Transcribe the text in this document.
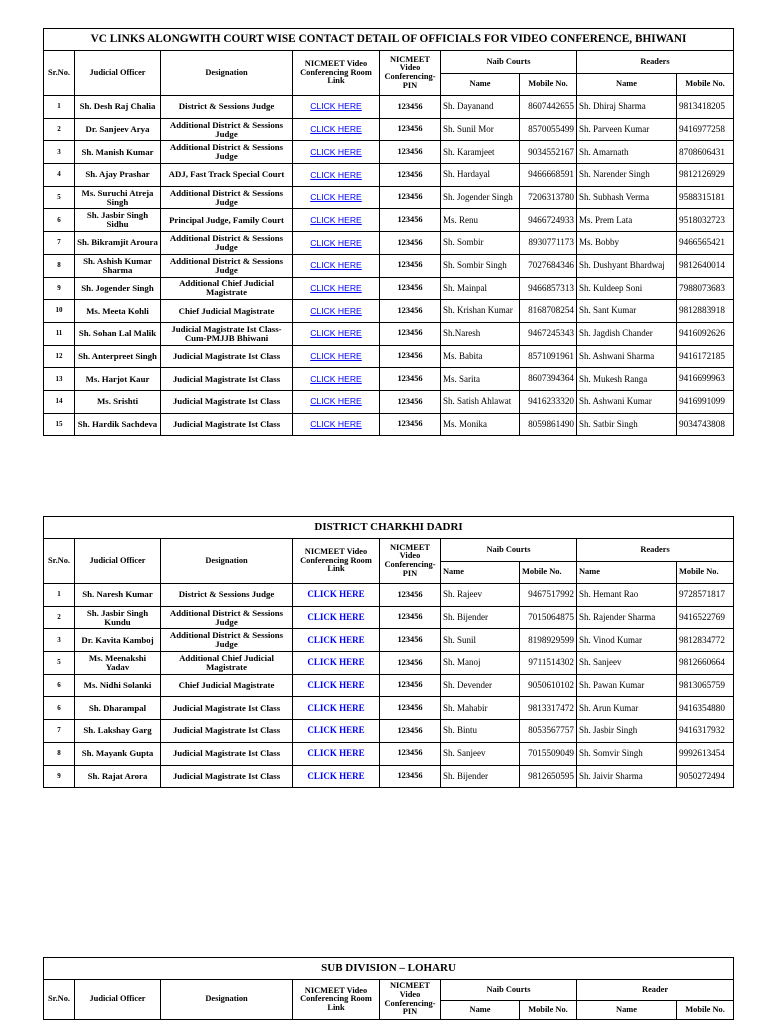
VC LINKS ALONGWITH COURT WISE CONTACT DETAIL OF OFFICIALS FOR VIDEO CONFERENCE, BHIWANI								
Sr.No.	Judicial Officer	Designation	NICMEET Video Conferencing Room Link	NICMEET Video Conferencing-PIN	Naib Courts		Readers	
					Name	Mobile No.	Name	Mobile No.
1	Sh. Desh Raj Chalia	District & Sessions Judge	CLICK HERE	123456	Sh. Dayanand	8607442655	Sh. Dhiraj Sharma	9813418205
2	Dr. Sanjeev Arya	Additional District & Sessions Judge	CLICK HERE	123456	Sh. Sunil Mor	8570055499	Sh. Parveen Kumar	9416977258
3	Sh. Manish Kumar	Additional District & Sessions Judge	CLICK HERE	123456	Sh. Karamjeet	9034552167	Sh. Amarnath	8708606431
4	Sh. Ajay Prashar	ADJ, Fast Track Special Court	CLICK HERE	123456	Sh. Hardayal	9466668591	Sh. Narender Singh	9812126929
5	Ms. Suruchi Atreja Singh	Additional District & Sessions Judge	CLICK HERE	123456	Sh. Jogender Singh	7206313780	Sh. Subhash Verma	9588315181
6	Sh. Jasbir Singh Sidhu	Principal Judge, Family Court	CLICK HERE	123456	Ms. Renu	9466724933	Ms. Prem Lata	9518032723
7	Sh. Bikramjit Aroura	Additional District & Sessions Judge	CLICK HERE	123456	Sh. Sombir	8930771173	Ms. Bobby	9466565421
8	Sh. Ashish Kumar Sharma	Additional District & Sessions Judge	CLICK HERE	123456	Sh. Sombir Singh	7027684346	Sh. Dushyant Bhardwaj	9812640014
9	Sh. Jogender Singh	Additional Chief Judicial Magistrate	CLICK HERE	123456	Sh. Mainpal	9466857313	Sh. Kuldeep Soni	7988073683
10	Ms. Meeta Kohli	Chief Judicial Magistrate	CLICK HERE	123456	Sh. Krishan Kumar	8168708254	Sh. Sant Kumar	9812883918
11	Sh. Sohan Lal Malik	Judicial Magistrate Ist Class-Cum-PMJJB Bhiwani	CLICK HERE	123456	Sh.Naresh	9467245343	Sh. Jagdish Chander	9416092626
12	Sh. Anterpreet Singh	Judicial Magistrate Ist Class	CLICK HERE	123456	Ms. Babita	8571091961	Sh. Ashwani Sharma	9416172185
13	Ms. Harjot Kaur	Judicial Magistrate Ist Class	CLICK HERE	123456	Ms. Sarita	8607394364	Sh. Mukesh Ranga	9416699963
14	Ms. Srishti	Judicial Magistrate Ist Class	CLICK HERE	123456	Sh. Satish Ahlawat	9416233320	Sh. Ashwani Kumar	9416991099
15	Sh. Hardik Sachdeva	Judicial Magistrate Ist Class	CLICK HERE	123456	Ms. Monika	8059861490	Sh. Satbir Singh	9034743808
DISTRICT CHARKHI DADRI								
Sr.No.	Judicial Officer	Designation	NICMEET Video Conferencing Room Link	NICMEET Video Conferencing-PIN	Naib Courts		Readers	
					Name	Mobile No.	Name	Mobile No.
1	Sh. Naresh Kumar	District & Sessions Judge	CLICK HERE	123456	Sh. Rajeev	9467517992	Sh. Hemant Rao	9728571817
2	Sh. Jasbir Singh Kundu	Additional District & Sessions Judge	CLICK HERE	123456	Sh. Bijender	7015064875	Sh. Rajender Sharma	9416522769
3	Dr. Kavita Kamboj	Additional District & Sessions Judge	CLICK HERE	123456	Sh. Sunil	8198929599	Sh. Vinod Kumar	9812834772
5	Ms. Meenakshi Yadav	Additional Chief Judicial Magistrate	CLICK HERE	123456	Sh. Manoj	9711514302	Sh. Sanjeev	9812660664
6	Ms. Nidhi Solanki	Chief Judicial Magistrate	CLICK HERE	123456	Sh. Devender	9050610102	Sh. Pawan Kumar	9813065759
6	Sh. Dharampal	Judicial Magistrate Ist Class	CLICK HERE	123456	Sh. Mahabir	9813317472	Sh. Arun Kumar	9416354880
7	Sh. Lakshay Garg	Judicial Magistrate Ist Class	CLICK HERE	123456	Sh. Bintu	8053567757	Sh. Jasbir Singh	9416317932
8	Sh. Mayank Gupta	Judicial Magistrate Ist Class	CLICK HERE	123456	Sh. Sanjeev	7015509049	Sh. Somvir Singh	9992613454
9	Sh. Rajat Arora	Judicial Magistrate Ist Class	CLICK HERE	123456	Sh. Bijender	9812650595	Sh. Jaivir Sharma	9050272494
SUB DIVISION – LOHARU								
Sr.No.	Judicial Officer	Designation	NICMEET Video Conferencing Room Link	NICMEET Video Conferencing-PIN	Naib Courts		Reader	
					Name	Mobile No.	Name	Mobile No.
